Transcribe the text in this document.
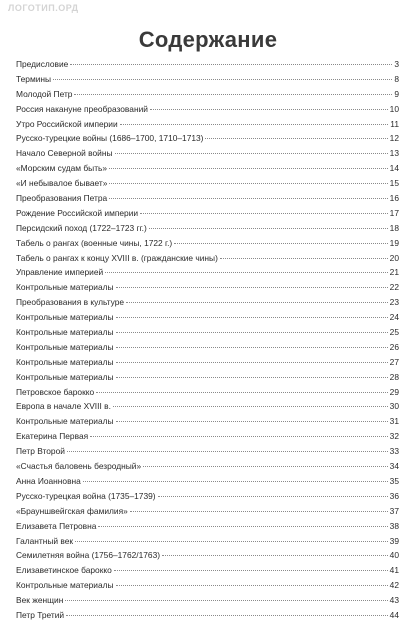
ЛОГОТИП.ОРД
Содержание
Предисловие	3
Термины	8
Молодой Петр	9
Россия накануне преобразований	10
Утро Российской империи	11
Русско-турецкие войны (1686–1700, 1710–1713)	12
Начало Северной войны	13
«Морским судам быть»	14
«И небывалое бывает»	15
Преобразования Петра	16
Рождение Российской империи	17
Персидский поход (1722–1723 гг.)	18
Табель о рангах (военные чины, 1722 г.)	19
Табель о рангах к концу XVIII в. (гражданские чины)	20
Управление империей	21
Контрольные материалы	22
Преобразования в культуре	23
Контрольные материалы	24
Контрольные материалы	25
Контрольные материалы	26
Контрольные материалы	27
Контрольные материалы	28
Петровское барокко	29
Европа в начале XVIII в.	30
Контрольные материалы	31
Екатерина Первая	32
Петр Второй	33
«Счастья баловень безродный»	34
Анна Иоанновна	35
Русско-турецкая война (1735–1739)	36
«Брауншвейгская фамилия»	37
Елизавета Петровна	38
Галантный век	39
Семилетняя война (1756–1762/1763)	40
Елизаветинское барокко	41
Контрольные материалы	42
Век женщин	43
Петр Третий	44
